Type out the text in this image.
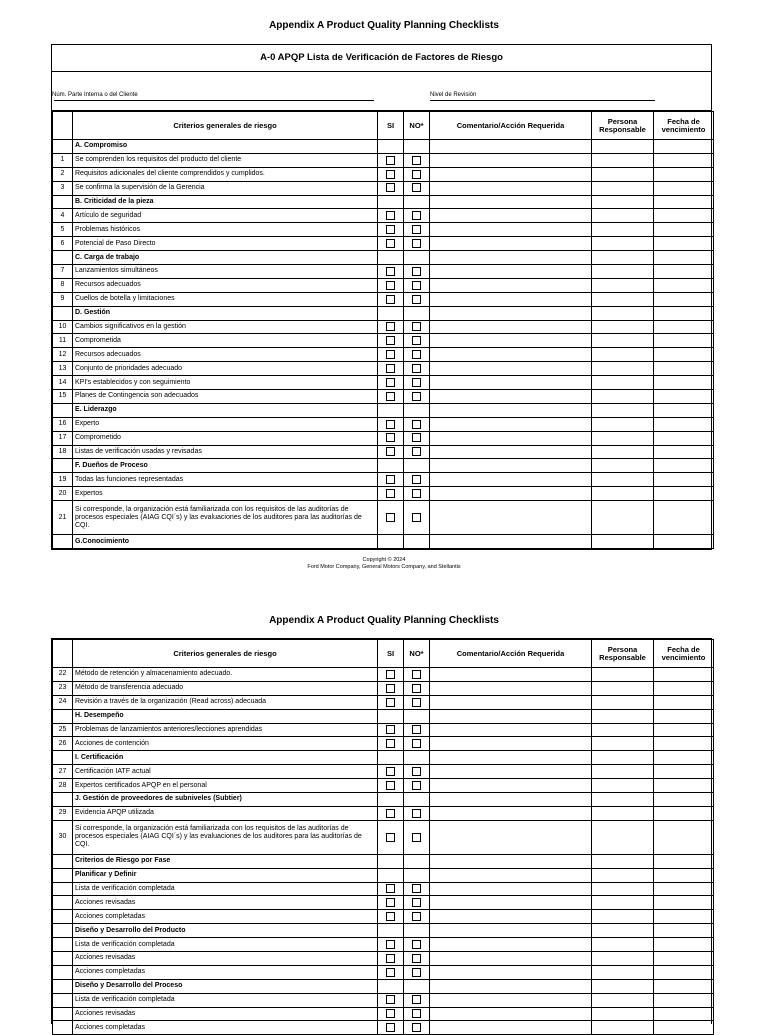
Appendix A Product Quality Planning Checklists
A-0 APQP Lista de Verificación de Factores de Riesgo
Núm. Parte Interna o del Cliente	Nivel de Revisión
	Criterios generales de riesgo	SI	NO*	Comentario/Acción Requerida	Persona Responsable	Fecha de vencimiento
	A. Compromiso					
1	Se comprenden los requisitos del producto del cliente					
2	Requisitos adicionales del cliente comprendidos y cumplidos.					
3	Se confirma la supervisión de la Gerencia					
	B. Criticidad de la pieza					
4	Artículo de seguridad					
5	Problemas históricos					
6	Potencial de Paso Directo					
	C. Carga de trabajo					
7	Lanzamientos simultáneos					
8	Recursos adecuados					
9	Cuellos de botella y limitaciones					
	D. Gestión					
10	Cambios significativos en la gestión					
11	Comprometida					
12	Recursos adecuados					
13	Conjunto de prioridades adecuado					
14	KPI's establecidos y con seguimiento					
15	Planes de Contingencia son adecuados					
	E. Liderazgo					
16	Experto					
17	Comprometido					
18	Listas de verificación usadas y revisadas					
	F. Dueños de Proceso					
19	Todas las funciones representadas					
20	Expertos					
21	Si corresponde, la organización está familiarizada con los requisitos de las auditorías de procesos especiales (AIAG CQI´s) y las evaluaciones de los auditores para las auditorías de CQI.					
	G.Conocimiento					
Copyright © 2024
Ford Motor Company, General Motors Company, and Stellantis
Appendix A Product Quality Planning Checklists
	Criterios generales de riesgo	SI	NO*	Comentario/Acción Requerida	Persona Responsable	Fecha de vencimiento
22	Método de retención y almacenamiento adecuado.					
23	Método de transferencia adecuado					
24	Revisión a través de la organización (Read across) adecuada					
	H. Desempeño					
25	Problemas de lanzamientos anteriores/lecciones aprendidas					
26	Acciones de contención					
	I. Certificación					
27	Certificación IATF actual					
28	Expertos certificados APQP en el personal					
	J. Gestión de proveedores de subniveles (Subtier)					
29	Evidencia APQP utilizada					
30	Si corresponde, la organización está familiarizada con los requisitos de las auditorías de procesos especiales (AIAG CQI´s) y las evaluaciones de los auditores para las auditorías de CQI.					
	Criterios de Riesgo por Fase					
	Planificar y Definir					
	Lista de verificación completada					
	Acciones revisadas					
	Acciones completadas					
	Diseño y Desarrollo del Producto					
	Lista de verificación completada					
	Acciones revisadas					
	Acciones completadas					
	Diseño y Desarrollo del Proceso					
	Lista de verificación completada					
	Acciones revisadas					
	Acciones completadas					
